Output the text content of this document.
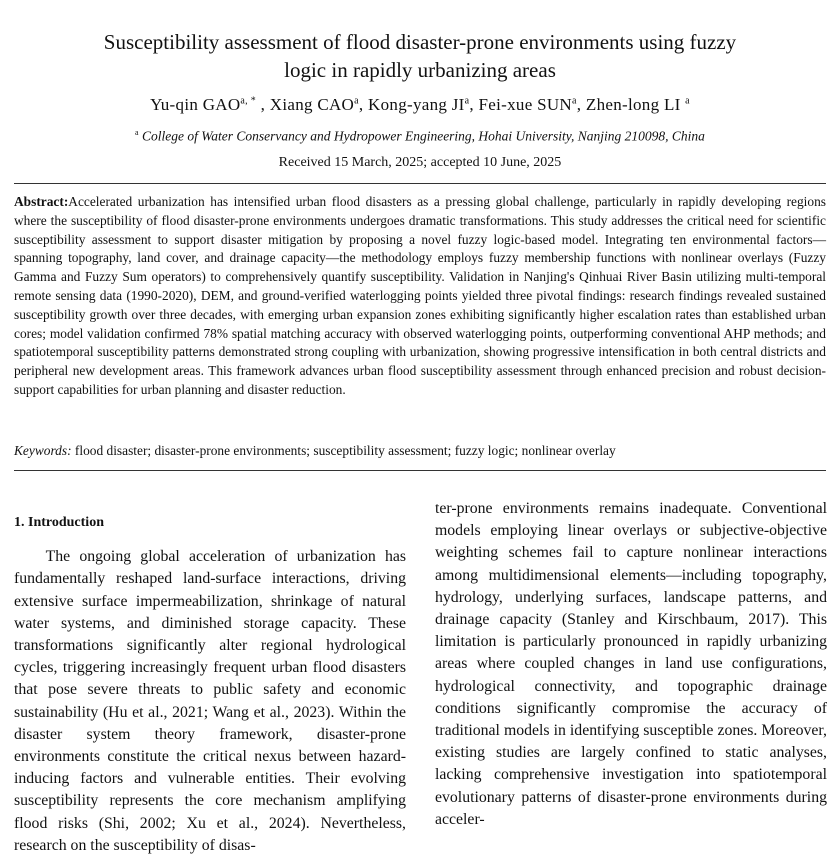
Susceptibility assessment of flood disaster-prone environments using fuzzy
logic in rapidly urbanizing areas
Yu-qin $GAO^{a, *}$ , Xiang CAO$^a$, Kong-yang $JI^a$, Fei-xue SUN$^a$, Zhen-long LI $^a$
$^a$ College of Water Conservancy and Hydropower Engineering, Hohai University, Nanjing 210098, China
Received 15 March, 2025; accepted 10 June, 2025
Abstract:Accelerated urbanization has intensified urban flood disasters as a pressing global challenge, particularly in rapidly developing regions where the susceptibility of flood disaster-prone environments undergoes dramatic transformations. This study addresses the critical need for scientific susceptibility assessment to support disaster mitigation by proposing a novel fuzzy logic-based model. Integrating ten environmental factors—spanning topography, land cover, and drainage capacity—the methodology employs fuzzy membership functions with nonlinear overlays (Fuzzy Gamma and Fuzzy Sum operators) to comprehensively quantify susceptibility. Validation in Nanjing's Qinhuai River Basin utilizing multi-temporal remote sensing data (1990-2020), DEM, and ground-verified waterlogging points yielded three pivotal findings: research findings revealed sustained susceptibility growth over three decades, with emerging urban expansion zones exhibiting significantly higher escalation rates than established urban cores; model validation confirmed 78% spatial matching accuracy with observed waterlogging points, outperforming conventional AHP methods; and spatiotemporal susceptibility patterns demonstrated strong coupling with urbanization, showing progressive intensification in both central districts and peripheral new development areas. This framework advances urban flood susceptibility assessment through enhanced precision and robust decision-support capabilities for urban planning and disaster reduction.
Keywords: flood disaster; disaster-prone environments; susceptibility assessment; fuzzy logic; nonlinear overlay
1. Introduction

The ongoing global acceleration of urbanization has fundamentally reshaped land-surface interactions, driving extensive surface impermeabilization, shrinkage of natural water systems, and diminished storage capacity. These transformations significantly alter regional hydrological cycles, triggering increasingly frequent urban flood disasters that pose severe threats to public safety and economic sustainability (Hu et al., 2021; Wang et al., 2023). Within the disaster system theory framework, disaster-prone environments constitute the critical nexus between hazard-inducing factors and vulnerable entities. Their evolving susceptibility represents the core mechanism amplifying flood risks (Shi, 2002; Xu et al., 2024). Nevertheless, research on the susceptibility of disas-

ter-prone environments remains inadequate. Conventional models employing linear overlays or subjective-objective weighting schemes fail to capture nonlinear interactions among multidimensional elements—including topography, hydrology, underlying surfaces, landscape patterns, and drainage capacity (Stanley and Kirschbaum, 2017). This limitation is particularly pronounced in rapidly urbanizing areas where coupled changes in land use configurations, hydrological connectivity, and topographic drainage conditions significantly compromise the accuracy of traditional models in identifying susceptible zones. Moreover, existing studies are largely confined to static analyses, lacking comprehensive investigation into spatiotemporal evolutionary patterns of disaster-prone environments during acceler-
